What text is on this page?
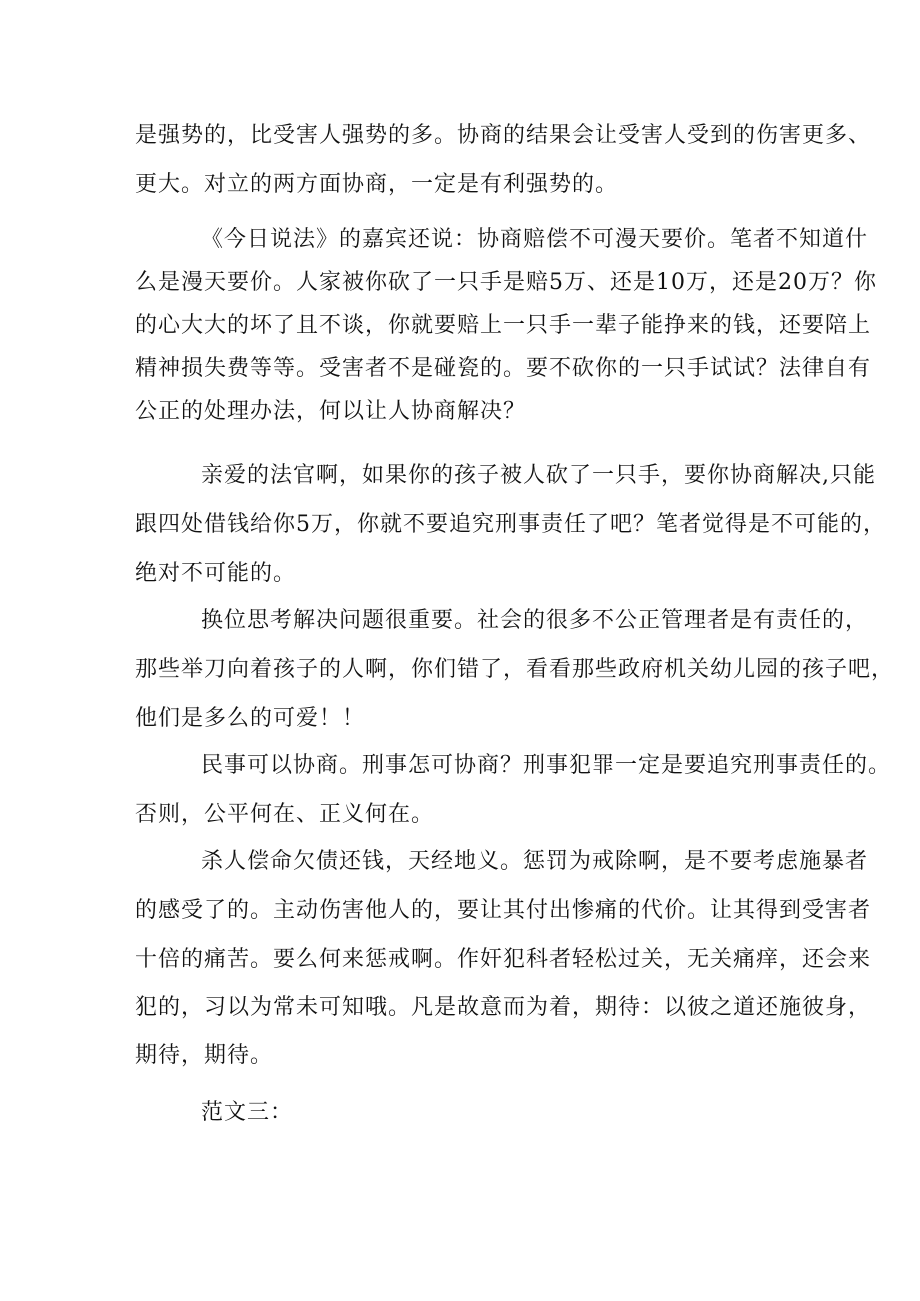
是强势的，比受害人强势的多。协商的结果会让受害人受到的伤害更多、
更大。对立的两方面协商，一定是有利强势的。
《今日说法》的嘉宾还说：协商赔偿不可漫天要价。笔者不知道什
么是漫天要价。人家被你砍了一只手是赔5万、还是10万，还是20万？你
的心大大的坏了且不谈，你就要赔上一只手一辈子能挣来的钱，还要陪上
精神损失费等等。受害者不是碰瓷的。要不砍你的一只手试试？法律自有
公正的处理办法，何以让人协商解决？
亲爱的法官啊，如果你的孩子被人砍了一只手，要你协商解决,只能
跟四处借钱给你5万，你就不要追究刑事责任了吧？笔者觉得是不可能的，
绝对不可能的。
换位思考解决问题很重要。社会的很多不公正管理者是有责任的，
那些举刀向着孩子的人啊，你们错了，看看那些政府机关幼儿园的孩子吧，
他们是多么的可爱！！
民事可以协商。刑事怎可协商？刑事犯罪一定是要追究刑事责任的。
否则，公平何在、正义何在。
杀人偿命欠债还钱，天经地义。惩罚为戒除啊，是不要考虑施暴者
的感受了的。主动伤害他人的，要让其付出惨痛的代价。让其得到受害者
十倍的痛苦。要么何来惩戒啊。作奸犯科者轻松过关，无关痛痒，还会来
犯的，习以为常未可知哦。凡是故意而为着，期待：以彼之道还施彼身，
期待，期待。
范文三：
